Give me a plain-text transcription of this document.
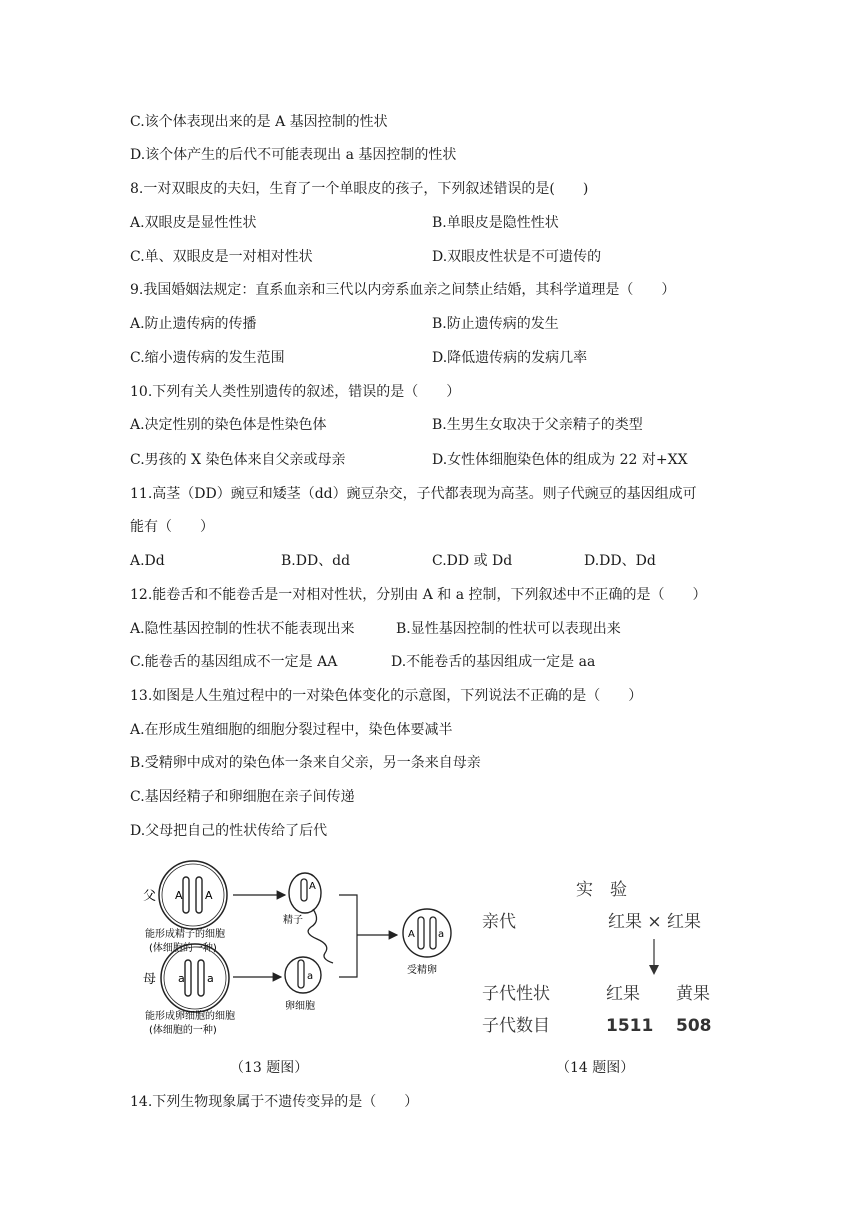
C.该个体表现出来的是 A 基因控制的性状
D.该个体产生的后代不可能表现出 a 基因控制的性状
8.一对双眼皮的夫妇，生育了一个单眼皮的孩子，下列叙述错误的是(　　)
A.双眼皮是显性性状	B.单眼皮是隐性性状
C.单、双眼皮是一对相对性状	D.双眼皮性状是不可遗传的
9.我国婚姻法规定：直系血亲和三代以内旁系血亲之间禁止结婚，其科学道理是（　　）
A.防止遗传病的传播	B.防止遗传病的发生
C.缩小遗传病的发生范围	D.降低遗传病的发病几率
10.下列有关人类性别遗传的叙述，错误的是（　　）
A.决定性别的染色体是性染色体	B.生男生女取决于父亲精子的类型
C.男孩的 X 染色体来自父亲或母亲	D.女性体细胞染色体的组成为 22 对+XX
11.高茎（DD）豌豆和矮茎（dd）豌豆杂交，子代都表现为高茎。则子代豌豆的基因组成可
能有（　　）
A.Dd	B.DD、dd	C.DD 或 Dd	D.DD、Dd
12.能卷舌和不能卷舌是一对相对性状，分别由 A 和 a 控制，下列叙述中不正确的是（　　）
A.隐性基因控制的性状不能表现出来	B.显性基因控制的性状可以表现出来
C.能卷舌的基因组成不一定是 AA	D.不能卷舌的基因组成一定是 aa
13.如图是人生殖过程中的一对染色体变化的示意图，下列说法不正确的是（　　）
A.在形成生殖细胞的细胞分裂过程中，染色体要减半
B.受精卵中成对的染色体一条来自父亲，另一条来自母亲
C.基因经精子和卵细胞在亲子间传递
D.父母把自己的性状传给了后代
14.下列生物现象属于不遗传变异的是（　　）
父 A A
能形成精子的细胞
(体细胞的一种)
A
精子
母 a a
能形成卵细胞的细胞
(体细胞的一种)
a
卵细胞
A a
受精卵
（13 题图）
实　验
亲代	红果 × 红果
子代性状	红果 黄果
子代数目	1511 508
（14 题图）
